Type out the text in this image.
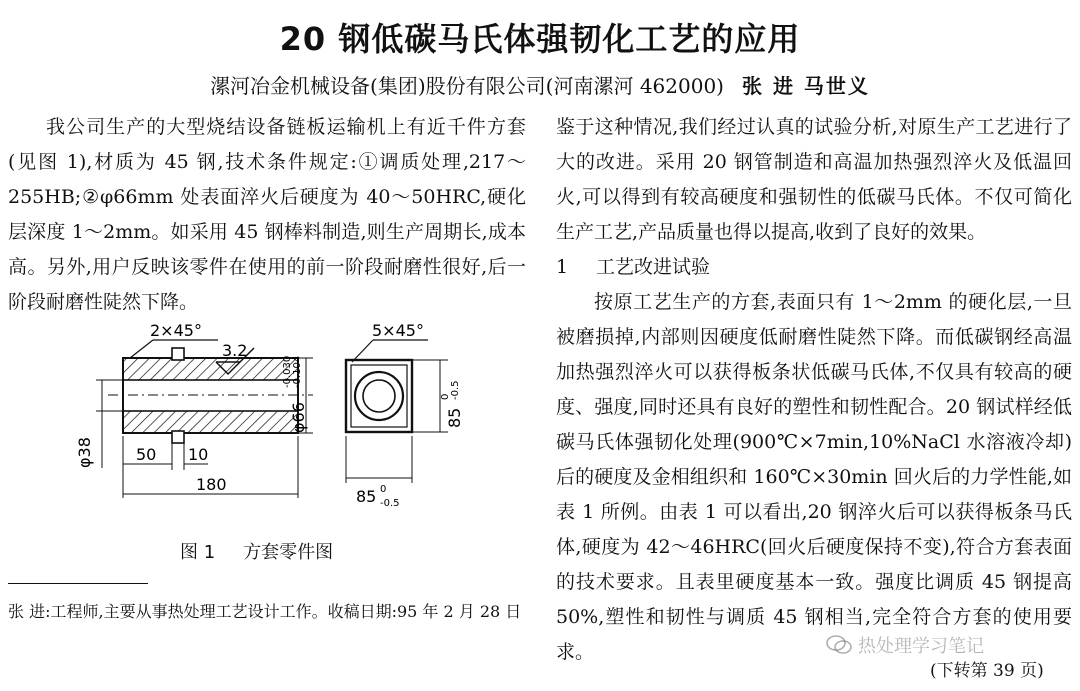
20 钢低碳马氏体强韧化工艺的应用
漯河冶金机械设备(集团)股份有限公司(河南漯河 462000) 张 进 马世义

我公司生产的大型烧结设备链板运输机上有近千件方套(见图 1),材质为 45 钢,技术条件规定:①调质处理,217～255HB;②φ66mm 处表面淬火后硬度为 40～50HRC,硬化层深度 1～2mm。如采用 45 钢棒料制造,则生产周期长,成本高。另外,用户反映该零件在使用的前一阶段耐磨性很好,后一阶段耐磨性陡然下降。

2×45°
3.2
φ66
-0.030 -0.104
φ38	50 10
180
5×45°
85
0 -0.5
85 0
-0.5
图 1 方套零件图
张 进:工程师,主要从事热处理工艺设计工作。收稿日期:95 年 2 月 28 日

鉴于这种情况,我们经过认真的试验分析,对原生产工艺进行了大的改进。采用 20 钢管制造和高温加热强烈淬火及低温回火,可以得到有较高硬度和强韧性的低碳马氏体。不仅可简化生产工艺,产品质量也得以提高,收到了良好的效果。

1 工艺改进试验

按原工艺生产的方套,表面只有 1～2mm 的硬化层,一旦被磨损掉,内部则因硬度低耐磨性陡然下降。而低碳钢经高温加热强烈淬火可以获得板条状低碳马氏体,不仅具有较高的硬度、强度,同时还具有良好的塑性和韧性配合。20 钢试样经低碳马氏体强韧化处理(900℃×7min,10%NaCl 水溶液冷却)后的硬度及金相组织和 160℃×30min 回火后的力学性能,如表 1 所例。由表 1 可以看出,20 钢淬火后可以获得板条马氏体,硬度为 42～46HRC(回火后硬度保持不变),符合方套表面的技术要求。且表里硬度基本一致。强度比调质 45 钢提高 50%,塑性和韧性与调质 45 钢相当,完全符合方套的使用要求。	热处理学习笔记
(下转第 39 页)
